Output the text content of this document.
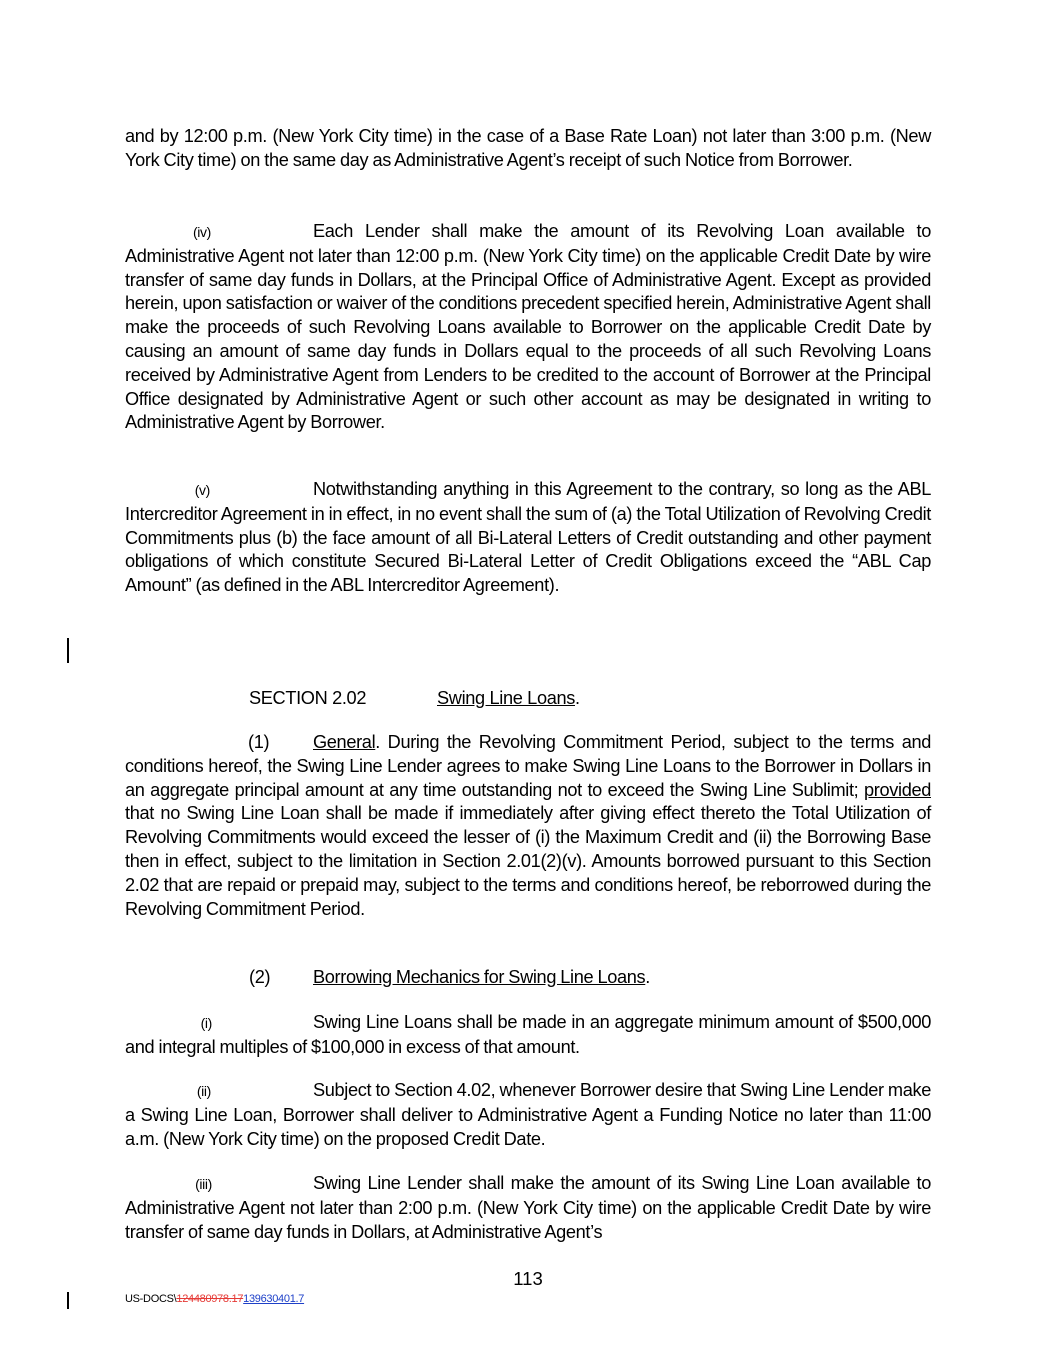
and by 12:00 p.m. (New York City time) in the case of a Base Rate Loan) not later than 3:00 p.m. (New York City time) on the same day as Administrative Agent’s receipt of such Notice from Borrower.
(iv)	Each Lender shall make the amount of its Revolving Loan available to Administrative Agent not later than 12:00 p.m. (New York City time) on the applicable Credit Date by wire transfer of same day funds in Dollars, at the Principal Office of Administrative Agent. Except as provided herein, upon satisfaction or waiver of the conditions precedent specified herein, Administrative Agent shall make the proceeds of such Revolving Loans available to Borrower on the applicable Credit Date by causing an amount of same day funds in Dollars equal to the proceeds of all such Revolving Loans received by Administrative Agent from Lenders to be credited to the account of Borrower at the Principal Office designated by Administrative Agent or such other account as may be designated in writing to Administrative Agent by Borrower.
(v)	Notwithstanding anything in this Agreement to the contrary, so long as the ABL Intercreditor Agreement in in effect, in no event shall the sum of (a) the Total Utilization of Revolving Credit Commitments plus (b) the face amount of all Bi-Lateral Letters of Credit outstanding and other payment obligations of which constitute Secured Bi-Lateral Letter of Credit Obligations exceed the “ABL Cap Amount” (as defined in the ABL Intercreditor Agreement).
SECTION 2.02	Swing Line Loans.
(1) General. During the Revolving Commitment Period, subject to the terms and conditions hereof, the Swing Line Lender agrees to make Swing Line Loans to the Borrower in Dollars in an aggregate principal amount at any time outstanding not to exceed the Swing Line Sublimit; provided that no Swing Line Loan shall be made if immediately after giving effect thereto the Total Utilization of Revolving Commitments would exceed the lesser of (i) the Maximum Credit and (ii) the Borrowing Base then in effect, subject to the limitation in Section 2.01(2)(v). Amounts borrowed pursuant to this Section 2.02 that are repaid or prepaid may, subject to the terms and conditions hereof, be reborrowed during the Revolving Commitment Period.
(2) Borrowing Mechanics for Swing Line Loans.
(i)	Swing Line Loans shall be made in an aggregate minimum amount of $500,000 and integral multiples of $100,000 in excess of that amount.
(ii)	Subject to Section 4.02, whenever Borrower desire that Swing Line Lender make a Swing Line Loan, Borrower shall deliver to Administrative Agent a Funding Notice no later than 11:00 a.m. (New York City time) on the proposed Credit Date.
(iii)	Swing Line Lender shall make the amount of its Swing Line Loan available to Administrative Agent not later than 2:00 p.m. (New York City time) on the applicable Credit Date by wire transfer of same day funds in Dollars, at Administrative Agent’s
113
US-DOCS\124480978.17139630401.7
